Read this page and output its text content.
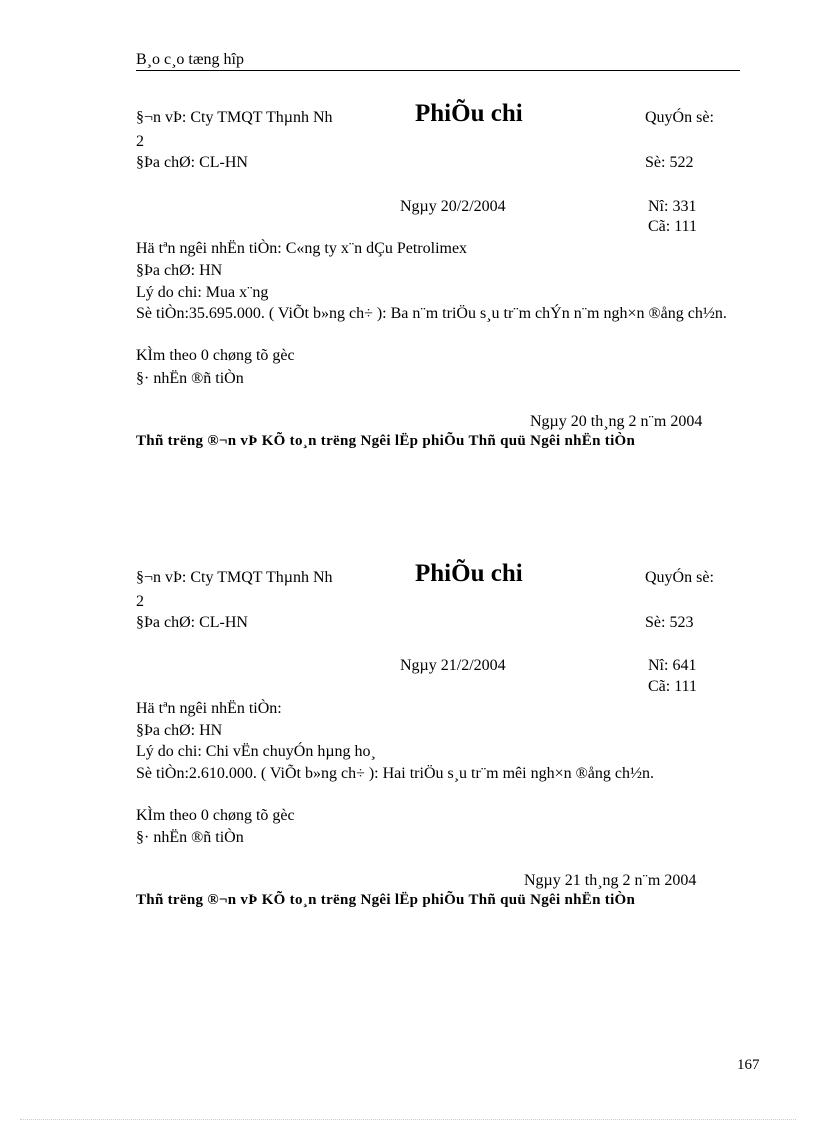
B¸o c¸o tæng hîp
§¬n vÞ: Cty TMQT Thµnh Nh	PhiÕu chi	QuyÓn sè:
2
§Þa chØ: CL-HN	Sè: 522
Ngµy 20/2/2004	Nî: 331
Cã: 111
Hä tªn ngêi nhËn tiÒn: C«ng ty x¨n dÇu Petrolimex
§Þa chØ: HN
Lý do chi: Mua x¨ng
Sè tiÒn:35.695.000. ( ViÕt b»ng ch÷ ): Ba n¨m triÖu s¸u tr¨m chÝn n¨m ngh×n ®ång ch½n.
KÌm theo 0 chøng tõ gèc
§· nhËn ®ñ tiÒn
Ngµy 20 th¸ng 2 n¨m 2004
Thñ trëng ®¬n vÞ KÕ to¸n trëng Ngêi lËp phiÕu Thñ quü Ngêi nhËn tiÒn
§¬n vÞ: Cty TMQT Thµnh Nh	PhiÕu chi	QuyÓn sè:
2
§Þa chØ: CL-HN	Sè: 523
Ngµy 21/2/2004	Nî: 641
Cã: 111
Hä tªn ngêi nhËn tiÒn:
§Þa chØ: HN
Lý do chi: Chi vËn chuyÓn hµng ho¸
Sè tiÒn:2.610.000. ( ViÕt b»ng ch÷ ): Hai triÖu s¸u tr¨m mêi ngh×n ®ång ch½n.
KÌm theo 0 chøng tõ gèc
§· nhËn ®ñ tiÒn
Ngµy 21 th¸ng 2 n¨m 2004
Thñ trëng ®¬n vÞ KÕ to¸n trëng Ngêi lËp phiÕu Thñ quü Ngêi nhËn tiÒn
167
